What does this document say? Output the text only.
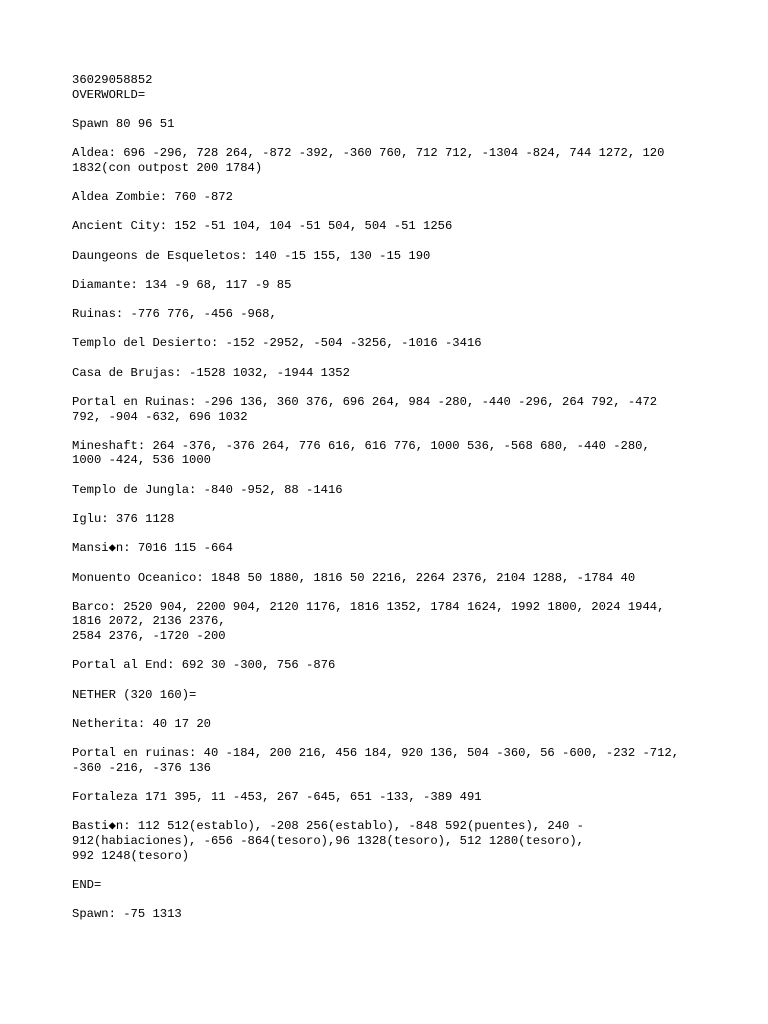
36029058852
OVERWORLD=
Spawn 80 96 51
Aldea: 696 -296, 728 264, -872 -392, -360 760, 712 712, -1304 -824, 744 1272, 120
1832(con outpost 200 1784)
Aldea Zombie: 760 -872
Ancient City: 152 -51 104, 104 -51 504, 504 -51 1256
Daungeons de Esqueletos: 140 -15 155, 130 -15 190
Diamante: 134 -9 68, 117 -9 85
Ruinas: -776 776, -456 -968,
Templo del Desierto: -152 -2952, -504 -3256, -1016 -3416
Casa de Brujas: -1528 1032, -1944 1352
Portal en Ruinas: -296 136, 360 376, 696 264, 984 -280, -440 -296, 264 792, -472
792, -904 -632, 696 1032
Mineshaft: 264 -376, -376 264, 776 616, 616 776, 1000 536, -568 680, -440 -280,
1000 -424, 536 1000
Templo de Jungla: -840 -952, 88 -1416
Iglu: 376 1128
Mansi◆n: 7016 115 -664
Monuento Oceanico: 1848 50 1880, 1816 50 2216, 2264 2376, 2104 1288, -1784 40
Barco: 2520 904, 2200 904, 2120 1176, 1816 1352, 1784 1624, 1992 1800, 2024 1944,
1816 2072, 2136 2376,
2584 2376, -1720 -200
Portal al End: 692 30 -300, 756 -876
NETHER (320 160)=
Netherita: 40 17 20
Portal en ruinas: 40 -184, 200 216, 456 184, 920 136, 504 -360, 56 -600, -232 -712,
-360 -216, -376 136
Fortaleza 171 395, 11 -453, 267 -645, 651 -133, -389 491
Basti◆n: 112 512(establo), -208 256(establo), -848 592(puentes), 240 -
912(habiaciones), -656 -864(tesoro),96 1328(tesoro), 512 1280(tesoro),
992 1248(tesoro)
END=
Spawn: -75 1313
